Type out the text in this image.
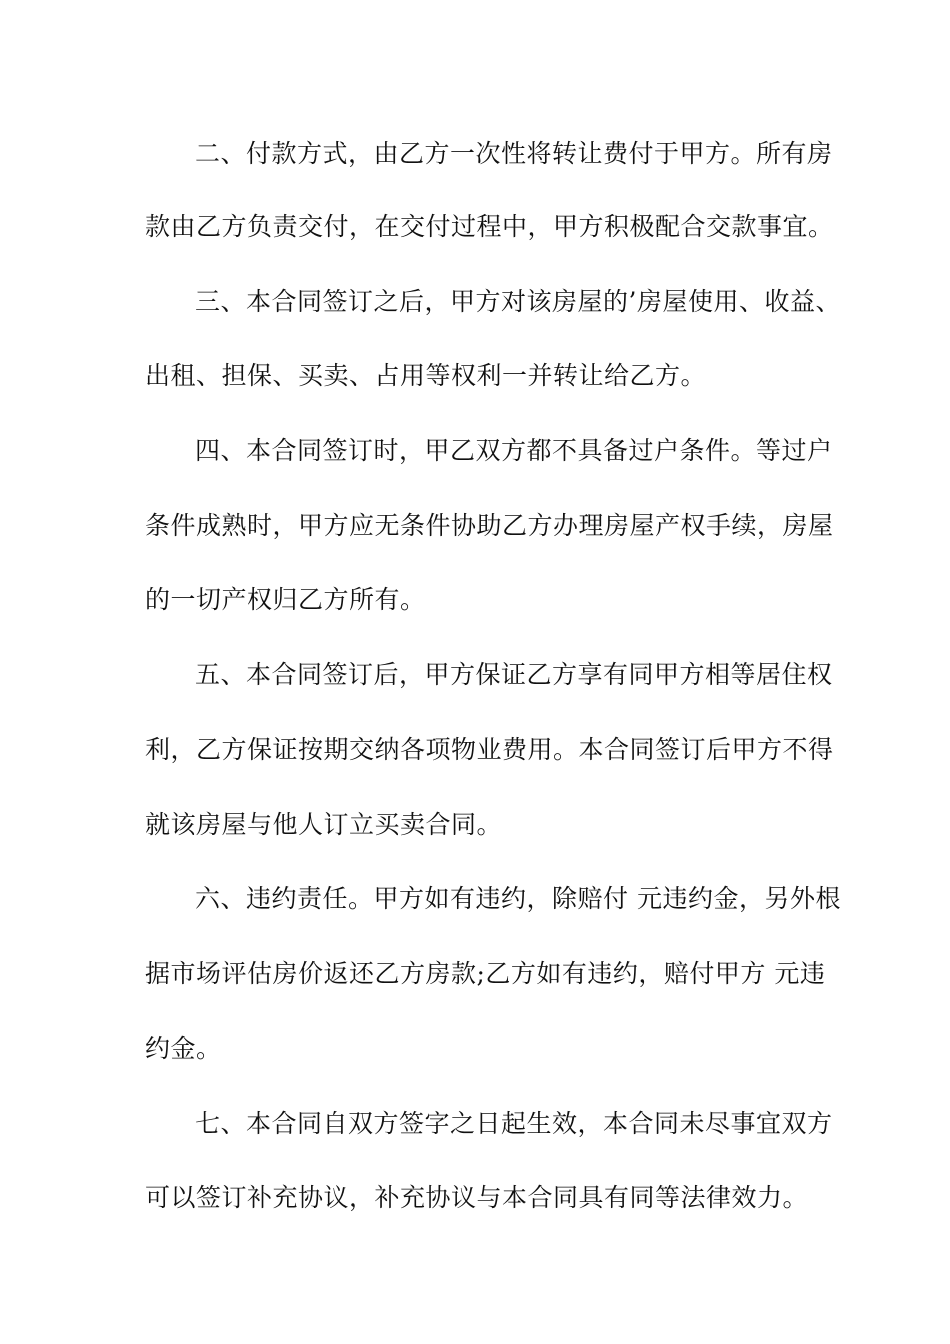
二、付款方式，由乙方一次性将转让费付于甲方。所有房
款由乙方负责交付，在交付过程中，甲方积极配合交款事宜。
三、本合同签订之后，甲方对该房屋的’房屋使用、收益、
出租、担保、买卖、占用等权利一并转让给乙方。
四、本合同签订时，甲乙双方都不具备过户条件。等过户
条件成熟时，甲方应无条件协助乙方办理房屋产权手续，房屋
的一切产权归乙方所有。
五、本合同签订后，甲方保证乙方享有同甲方相等居住权
利，乙方保证按期交纳各项物业费用。本合同签订后甲方不得
就该房屋与他人订立买卖合同。
六、违约责任。甲方如有违约，除赔付 元违约金，另外根
据市场评估房价返还乙方房款;乙方如有违约，赔付甲方 元违
约金。
七、本合同自双方签字之日起生效，本合同未尽事宜双方
可以签订补充协议，补充协议与本合同具有同等法律效力。
